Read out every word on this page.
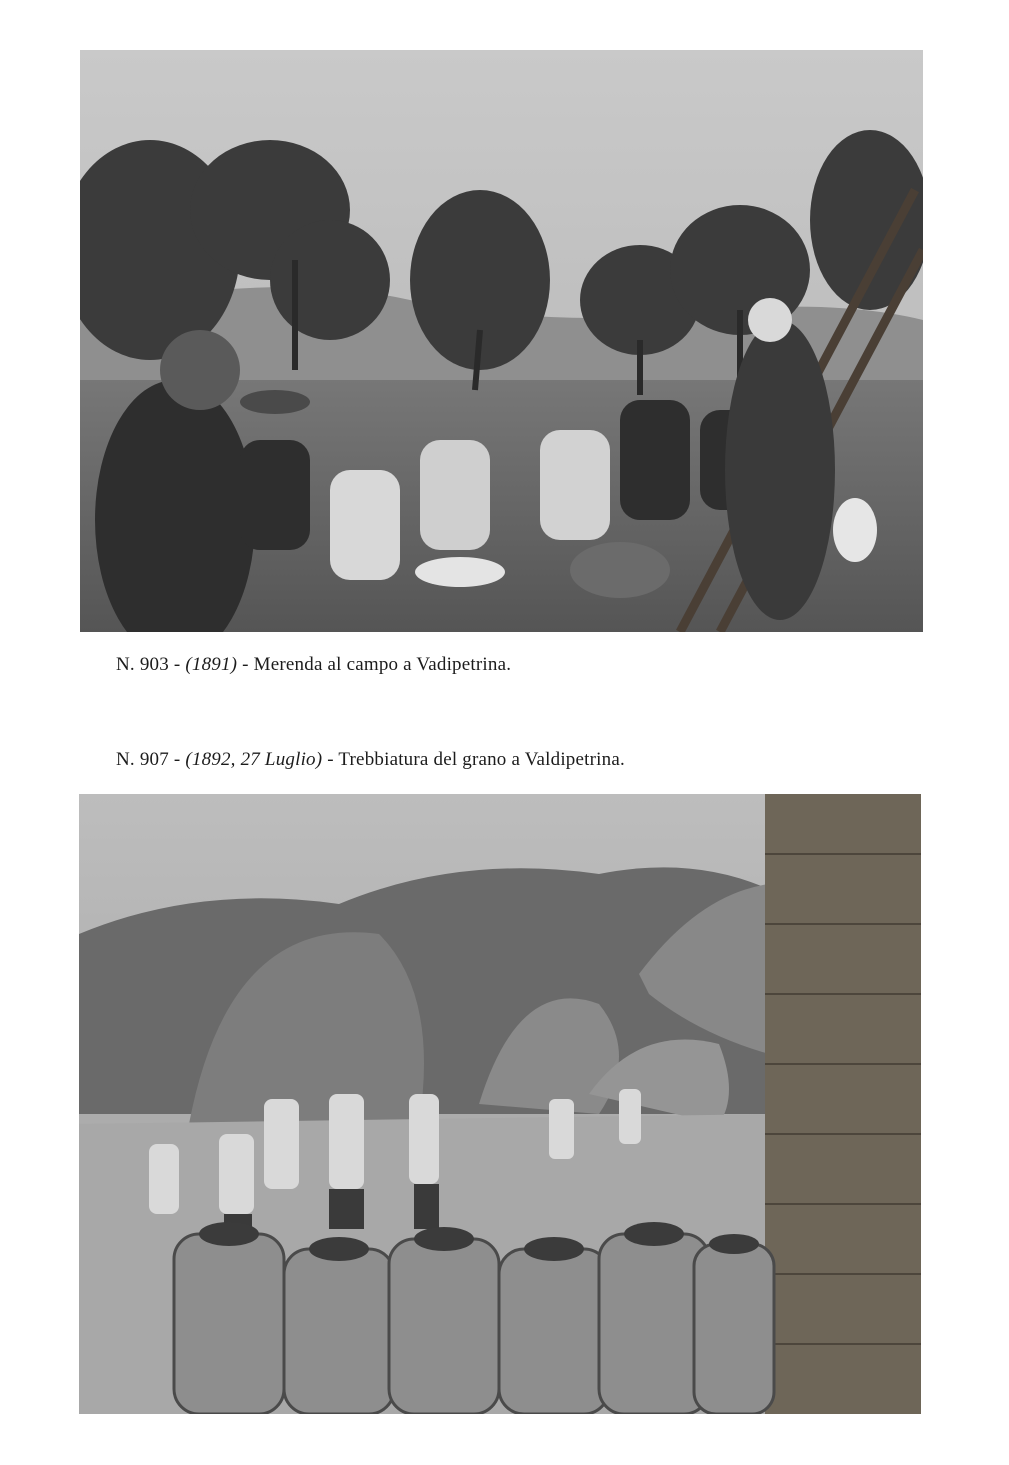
N. 903 - (1891) - Merenda al campo a Vadipetrina.
N. 907 - (1892, 27 Luglio) - Trebbiatura del grano a Valdipetrina.
